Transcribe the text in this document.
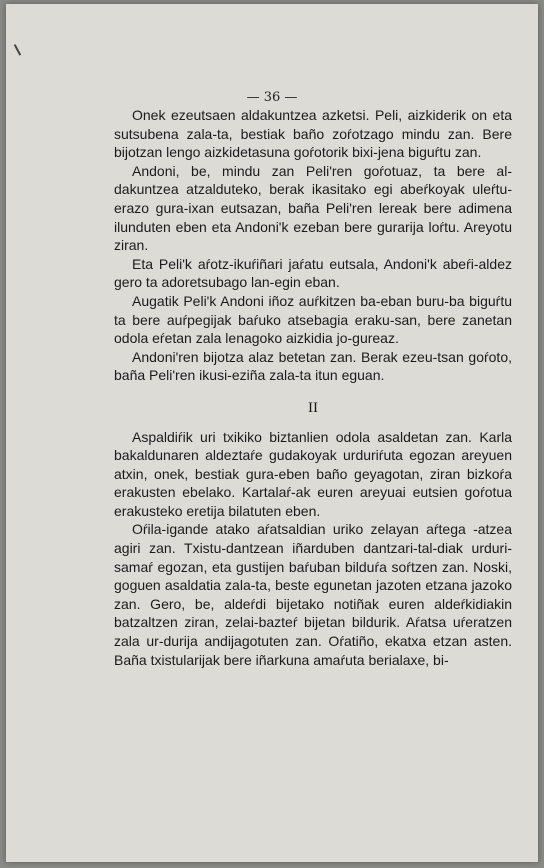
— 36 —

Onek ezeutsaen aldakuntzea azketsi. Peli, aizkiderik on eta sutsubena zala-ta, bestiak baño zoŕotzago mindu zan. Bere bijotzan lengo aizkidetasuna goŕotorik bixi-jena biguŕtu zan.

Andoni, be, mindu zan Peli'ren goŕotuaz, ta bere al-dakuntzea atzalduteko, berak ikasitako egi abeŕkoyak uleŕtu-erazo gura-ixan eutsazan, baña Peli'ren lereak bere adimena ilunduten eben eta Andoni'k ezeban bere gurarija loŕtu. Areyotu ziran.

Eta Peli'k aŕotz-ikuŕiñari jaŕatu eutsala, Andoni'k abeŕi-aldez gero ta adoretsubago lan-egin eban.

Augatik Peli'k Andoni iñoz auŕkitzen ba-eban buru-ba biguŕtu ta bere auŕpegijak baŕuko atsebagia eraku-san, bere zanetan odola eŕetan zala lenagoko aizkidia jo-gureaz.

Andoni'ren bijotza alaz betetan zan. Berak ezeu-tsan goŕoto, baña Peli'ren ikusi-eziña zala-ta itun eguan.

II

Aspaldiŕik uri txikiko biztanlien odola asaldetan zan. Karla bakaldunaren aldeztaŕe gudakoyak urduriŕuta egozan areyuen atxin, onek, bestiak gura-eben baño geyagotan, ziran bizkoŕa erakusten ebelako. Kartalaŕ-ak euren areyuai eutsien goŕotua erakusteko eretija bilatuten eben.

Oŕila-igande atako aŕatsaldian uriko zelayan aŕtega -atzea agiri zan. Txistu-dantzean iñarduben dantzari-tal-diak urduri-samaŕ egozan, eta gustijen baŕuban bilduŕa soŕtzen zan. Noski, goguen asaldatia zala-ta, beste egunetan jazoten etzana jazoko zan. Gero, be, aldeŕdi bijetako notiñak euren aldeŕkidiakin batzaltzen ziran, zelai-bazteŕ bijetan bildurik. Aŕatsa uŕeratzen zala ur-durija andijagotuten zan. Oŕatiño, ekatxa etzan asten. Baña txistularijak bere iñarkuna amaŕuta berialaxe, bi-
